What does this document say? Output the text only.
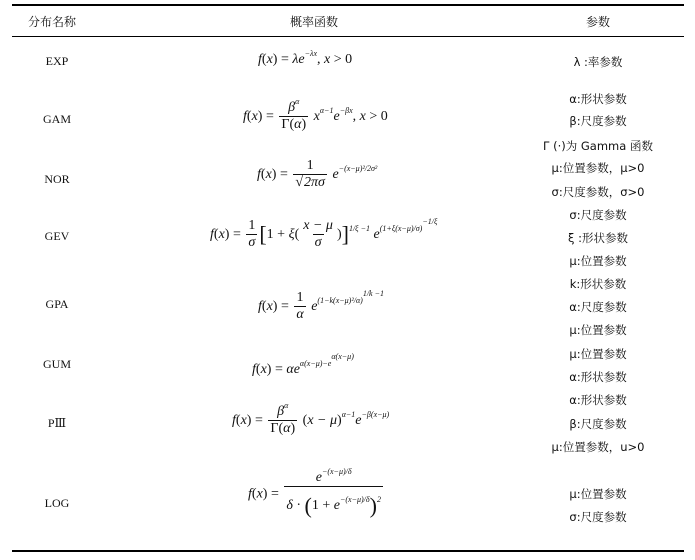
分布名称	概率函数	参数
EXP
GAM
NOR
GEV
GPA
GUM
PⅢ
LOG
$f(x) = \lambda e^{-\lambda x}$, x > 0
$f(x) = \frac{\beta^\alpha}{\Gamma(\alpha)} x^{\alpha-1}e^{-\beta x}$, x > 0
$f(x) = \frac{1}{√2\pi\sigma} e^{-(x-\mu)^2/2\sigma^2}$
$f(x) = \frac{1}{\sigma} [1 + \xi( \frac{x - \mu}{\sigma} )]^{1/\xi -1}$ $e^{(1+\xi(x-\mu)/\sigma)^{-1/\xi}}$
$f(x) = \frac{1}{\alpha} e^{(1-k(x-\mu)^2/\alpha)^{1/k -1}}$
$f(x) = \alpha e^{\alpha(x-\mu)-e^{\alpha(x-\mu)}}$
$f(x) = \frac{\beta^\alpha}{\Gamma(\alpha)} (x - \mu)^{\alpha-1}e^{-\beta(x-\mu)}$
$f(x) = \frac{e^{-(x-\mu)/\delta}}{\delta \cdot (1 + e^{-(x-\mu)/\delta})^2}$
λ :率参数
α:形状参数
β:尺度参数
Γ (·)为 Gamma 函数
μ:位置参数，μ>0
σ:尺度参数，σ>0
σ:尺度参数
ξ :形状参数
μ:位置参数
k:形状参数
α:尺度参数
μ:位置参数
μ:位置参数
α:形状参数
α:形状参数
β:尺度参数
μ:位置参数，u>0
μ:位置参数
σ:尺度参数
